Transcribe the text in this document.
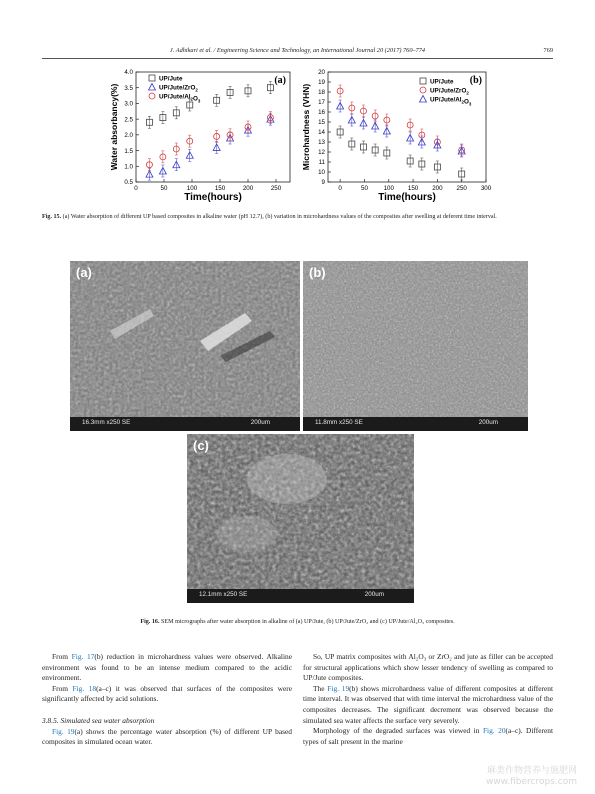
J. Adhikari et al. / Engineering Science and Technology, an International Journal 20 (2017) 760–774	769
0	50	100	150	200	250
0.5
1.0
1.5
2.0
2.5
3.0
3.5
4.0
Time(hours)
Water absorbancy(%)
(a)
UP/Jute
UP/Jute/ZrO$_2$
$UP/Jute/Al_2O_3$
0	50	100 150 200 250 300
9
10
11
12
13
14
15
16
17
18
19
20
Time(hours)
Microhardness (VHN)
(b)
UP/Jute
UP/Jute/ZrO$_2$
$UP/Jute/Al_2O_3$
Fig. 15. (a) Water absorption of different UP based composites in alkaline water (pH 12.7), (b) variation in microhardness values of the composites after swelling at deferent time interval.
(a)
16.3mm x250 SE	200um
(b)
11.8mm x250 SE	200um
(c)
12.1mm x250 SE	200um
Fig. 16. SEM micrographs after water absorption in alkaline of (a) UP/Jute, (b) UP/Jute/ZrO₂ and (c) UP/Jute/Al₂O₃ composites.

From Fig. 17(b) reduction in microhardness values were observed. Alkaline environment was found to be an intense medium compared to the acidic environment.

From Fig. 18(a–c) it was observed that surfaces of the composites were significantly affected by acid solutions.

3.8.5. Simulated sea water absorption

Fig. 19(a) shows the percentage water absorption (%) of different UP based composites in simulated ocean water.

So, UP matrix composites with Al₂O₃ or ZrO₂ and jute as filler can be accepted for structural applications which show lesser tendency of swelling as compared to UP/Jute composites.

The Fig. 19(b) shows microhardness value of different composites at different time interval. It was observed that with time interval the microhardness value of the composites decreases. The significant decrement was observed because the simulated sea water affects the surface very severely.

Morphology of the degraded surfaces was viewed in Fig. 20(a–c). Different types of salt present in the marine

麻类作物营养与施肥网
www.fibercrops.com
